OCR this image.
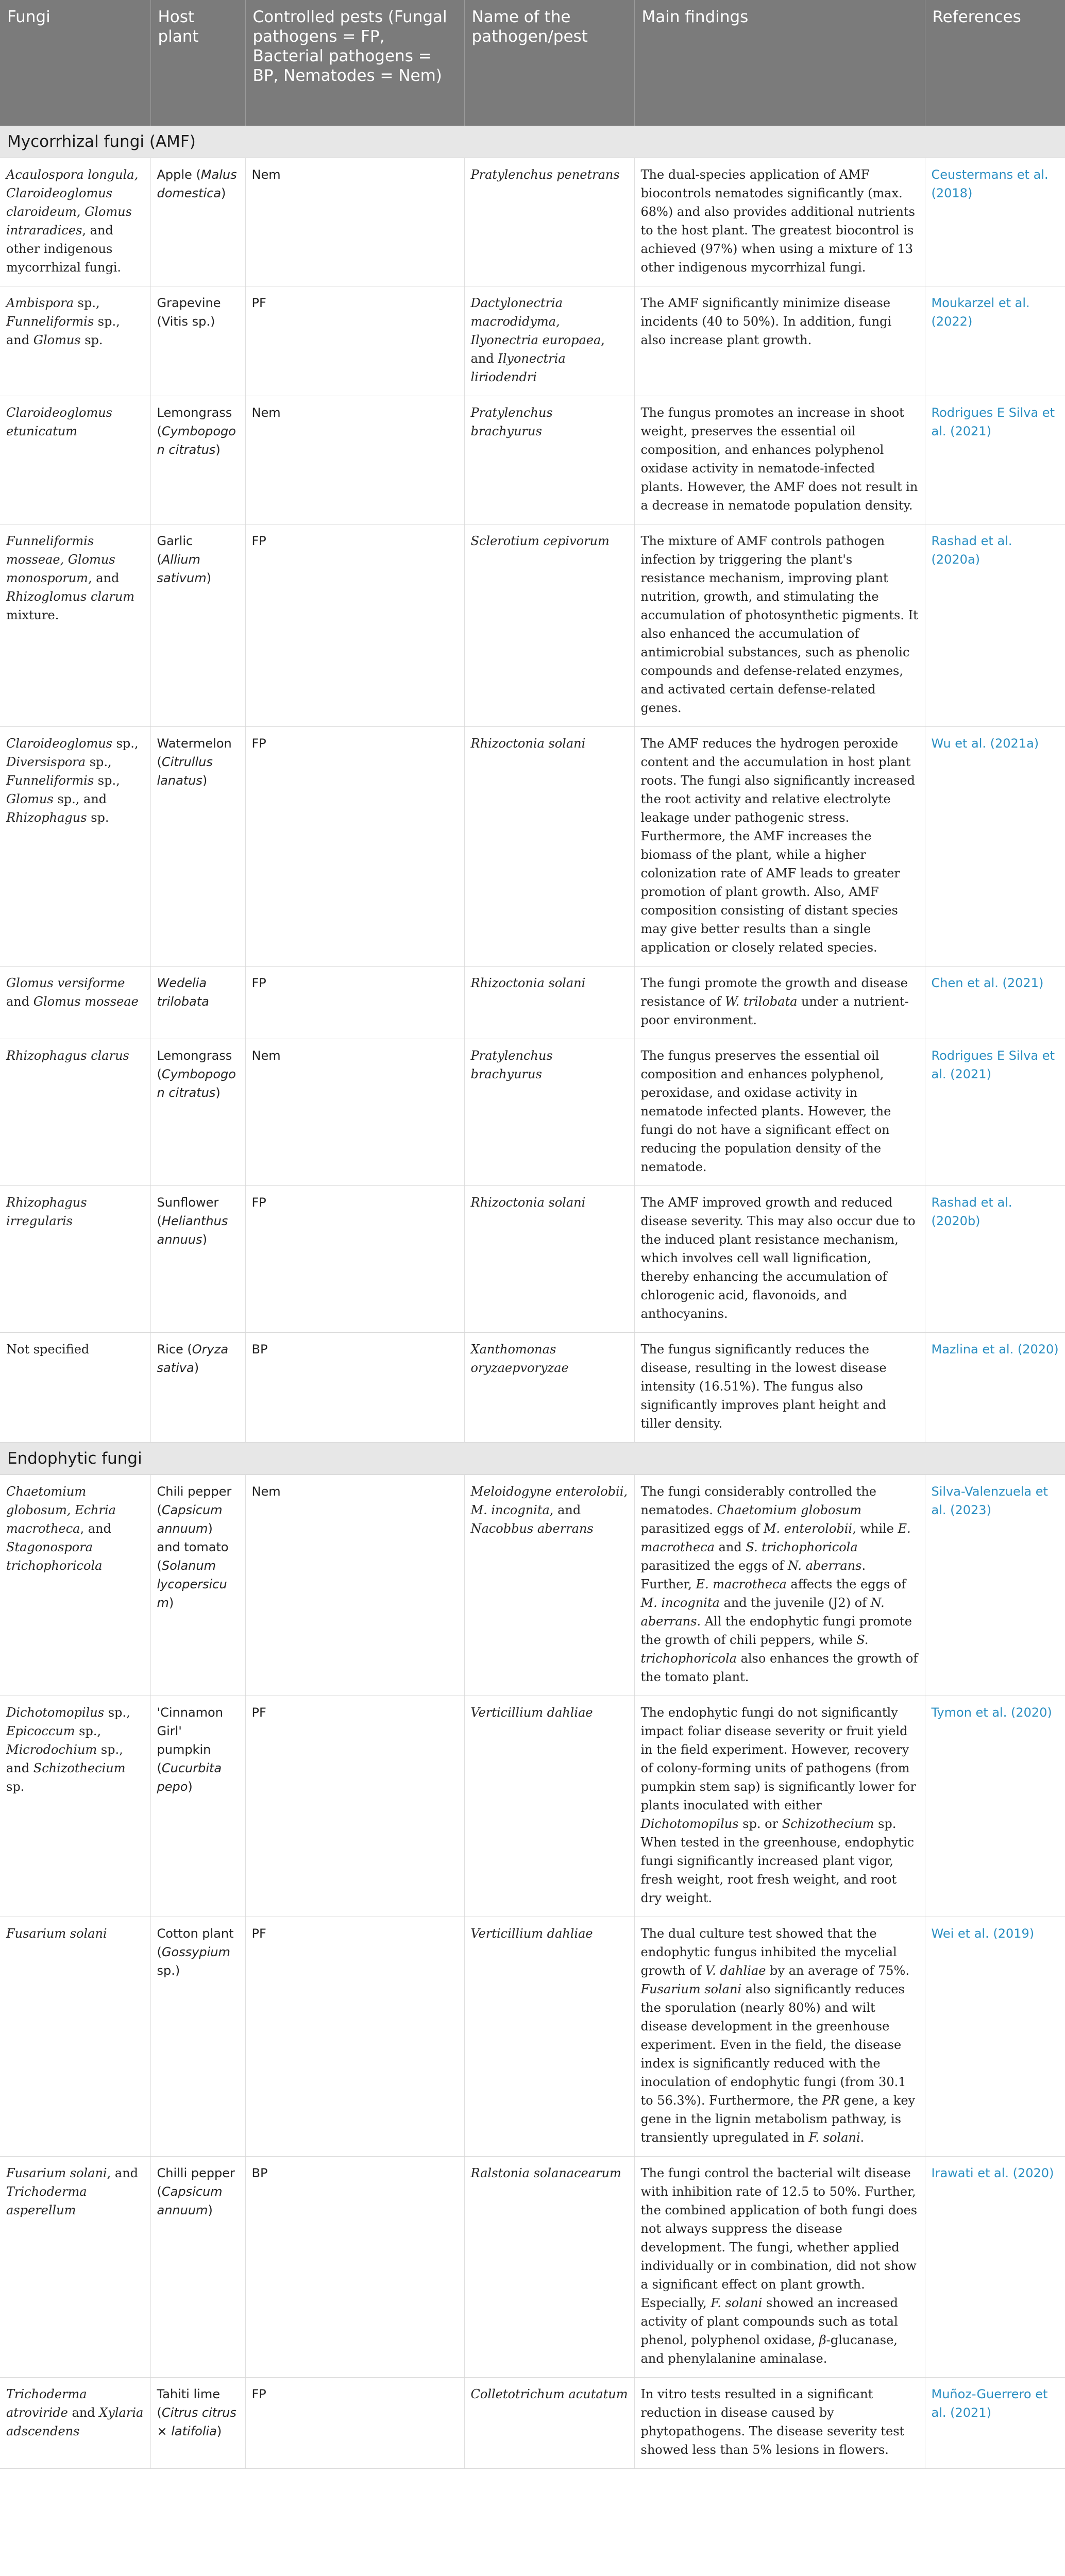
Fungi	Host plant	Controlled pests (Fungal pathogens = FP, Bacterial pathogens = BP, Nematodes = Nem)	Name of the pathogen/pest	Main findings	References
Mycorrhizal fungi (AMF)					
Acaulospora longula, Claroideoglomus claroideum, Glomus intraradices, and other indigenous mycorrhizal fungi.	Apple (Malus domestica)	Nem	Pratylenchus penetrans	The dual-species application of AMF biocontrols nematodes significantly (max. 68%) and also provides additional nutrients to the host plant. The greatest biocontrol is achieved (97%) when using a mixture of 13 other indigenous mycorrhizal fungi.	Ceustermans et al. (2018)
Ambispora sp., Funneliformis sp., and Glomus sp.	Grapevine (Vitis sp.)	PF	Dactylonectria macrodidyma, Ilyonectria europaea, and Ilyonectria liriodendri	The AMF significantly minimize disease incidents (40 to 50%). In addition, fungi also increase plant growth.	Moukarzel et al. (2022)
Claroideoglomus etunicatum	Lemongrass (Cymbopogon citratus)	Nem	Pratylenchus brachyurus	The fungus promotes an increase in shoot weight, preserves the essential oil composition, and enhances polyphenol oxidase activity in nematode-infected plants. However, the AMF does not result in a decrease in nematode population density.	Rodrigues E Silva et al. (2021)
Funneliformis mosseae, Glomus monosporum, and Rhizoglomus clarum mixture.	Garlic (Allium sativum)	FP	Sclerotium cepivorum	The mixture of AMF controls pathogen infection by triggering the plant's resistance mechanism, improving plant nutrition, growth, and stimulating the accumulation of photosynthetic pigments. It also enhanced the accumulation of antimicrobial substances, such as phenolic compounds and defense-related enzymes, and activated certain defense-related genes.	Rashad et al. (2020a)
Claroideoglomus sp., Diversispora sp., Funneliformis sp., Glomus sp., and Rhizophagus sp.	Watermelon (Citrullus lanatus)	FP	Rhizoctonia solani	The AMF reduces the hydrogen peroxide content and the accumulation in host plant roots. The fungi also significantly increased the root activity and relative electrolyte leakage under pathogenic stress. Furthermore, the AMF increases the biomass of the plant, while a higher colonization rate of AMF leads to greater promotion of plant growth. Also, AMF composition consisting of distant species may give better results than a single application or closely related species.	Wu et al. (2021a)
Glomus versiforme and Glomus mosseae	Wedelia trilobata	FP	Rhizoctonia solani	The fungi promote the growth and disease resistance of W. trilobata under a nutrient-poor environment.	Chen et al. (2021)
Rhizophagus clarus	Lemongrass (Cymbopogon citratus)	Nem	Pratylenchus brachyurus	The fungus preserves the essential oil composition and enhances polyphenol, peroxidase, and oxidase activity in nematode infected plants. However, the fungi do not have a significant effect on reducing the population density of the nematode.	Rodrigues E Silva et al. (2021)
Rhizophagus irregularis	Sunflower (Helianthus annuus)	FP	Rhizoctonia solani	The AMF improved growth and reduced disease severity. This may also occur due to the induced plant resistance mechanism, which involves cell wall lignification, thereby enhancing the accumulation of chlorogenic acid, flavonoids, and anthocyanins.	Rashad et al. (2020b)
Not specified	Rice (Oryza sativa)	BP	Xanthomonas oryzaepvoryzae	The fungus significantly reduces the disease, resulting in the lowest disease intensity (16.51%). The fungus also significantly improves plant height and tiller density.	Mazlina et al. (2020)
Endophytic fungi					
Chaetomium globosum, Echria macrotheca, and Stagonospora trichophoricola	Chili pepper (Capsicum annuum) and tomato (Solanum lycopersicum)	Nem	Meloidogyne enterolobii, M. incognita, and Nacobbus aberrans	The fungi considerably controlled the nematodes. Chaetomium globosum parasitized eggs of M. enterolobii, while E. macrotheca and S. trichophoricola parasitized the eggs of N. aberrans. Further, E. macrotheca affects the eggs of M. incognita and the juvenile (J2) of N. aberrans. All the endophytic fungi promote the growth of chili peppers, while S. trichophoricola also enhances the growth of the tomato plant.	Silva-Valenzuela et al. (2023)
Dichotomopilus sp., Epicoccum sp., Microdochium sp., and Schizothecium sp.	'Cinnamon Girl' pumpkin (Cucurbita pepo)	PF	Verticillium dahliae	The endophytic fungi do not significantly impact foliar disease severity or fruit yield in the field experiment. However, recovery of colony-forming units of pathogens (from pumpkin stem sap) is significantly lower for plants inoculated with either Dichotomopilus sp. or Schizothecium sp. When tested in the greenhouse, endophytic fungi significantly increased plant vigor, fresh weight, root fresh weight, and root dry weight.	Tymon et al. (2020)
Fusarium solani	Cotton plant (Gossypium sp.)	PF	Verticillium dahliae	The dual culture test showed that the endophytic fungus inhibited the mycelial growth of V. dahliae by an average of 75%. Fusarium solani also significantly reduces the sporulation (nearly 80%) and wilt disease development in the greenhouse experiment. Even in the field, the disease index is significantly reduced with the inoculation of endophytic fungi (from 30.1 to 56.3%). Furthermore, the PR gene, a key gene in the lignin metabolism pathway, is transiently upregulated in F. solani.	Wei et al. (2019)
Fusarium solani, and Trichoderma asperellum	Chilli pepper (Capsicum annuum)	BP	Ralstonia solanacearum	The fungi control the bacterial wilt disease with inhibition rate of 12.5 to 50%. Further, the combined application of both fungi does not always suppress the disease development. The fungi, whether applied individually or in combination, did not show a significant effect on plant growth. Especially, F. solani showed an increased activity of plant compounds such as total phenol, polyphenol oxidase, β-glucanase, and phenylalanine aminalase.	Irawati et al. (2020)
Trichoderma atroviride and Xylaria adscendens	Tahiti lime (Citrus citrus × latifolia)	FP	Colletotrichum acutatum	In vitro tests resulted in a significant reduction in disease caused by phytopathogens. The disease severity test showed less than 5% lesions in flowers.	Muñoz-Guerrero et al. (2021)
